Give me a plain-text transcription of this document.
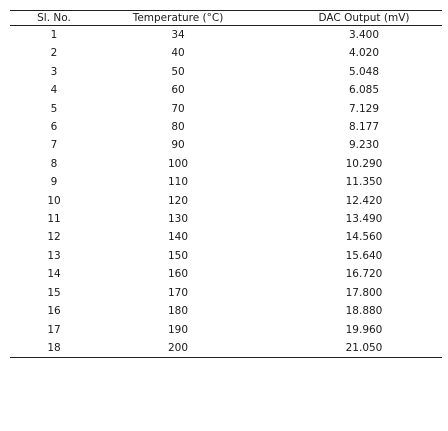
Sl. No.	Temperature (°C)	DAC Output (mV)
1	34	3.400
2	40	4.020
3	50	5.048
4	60	6.085
5	70	7.129
6	80	8.177
7	90	9.230
8	100	10.290
9	110	11.350
10	120	12.420
11	130	13.490
12	140	14.560
13	150	15.640
14	160	16.720
15	170	17.800
16	180	18.880
17	190	19.960
18	200	21.050
